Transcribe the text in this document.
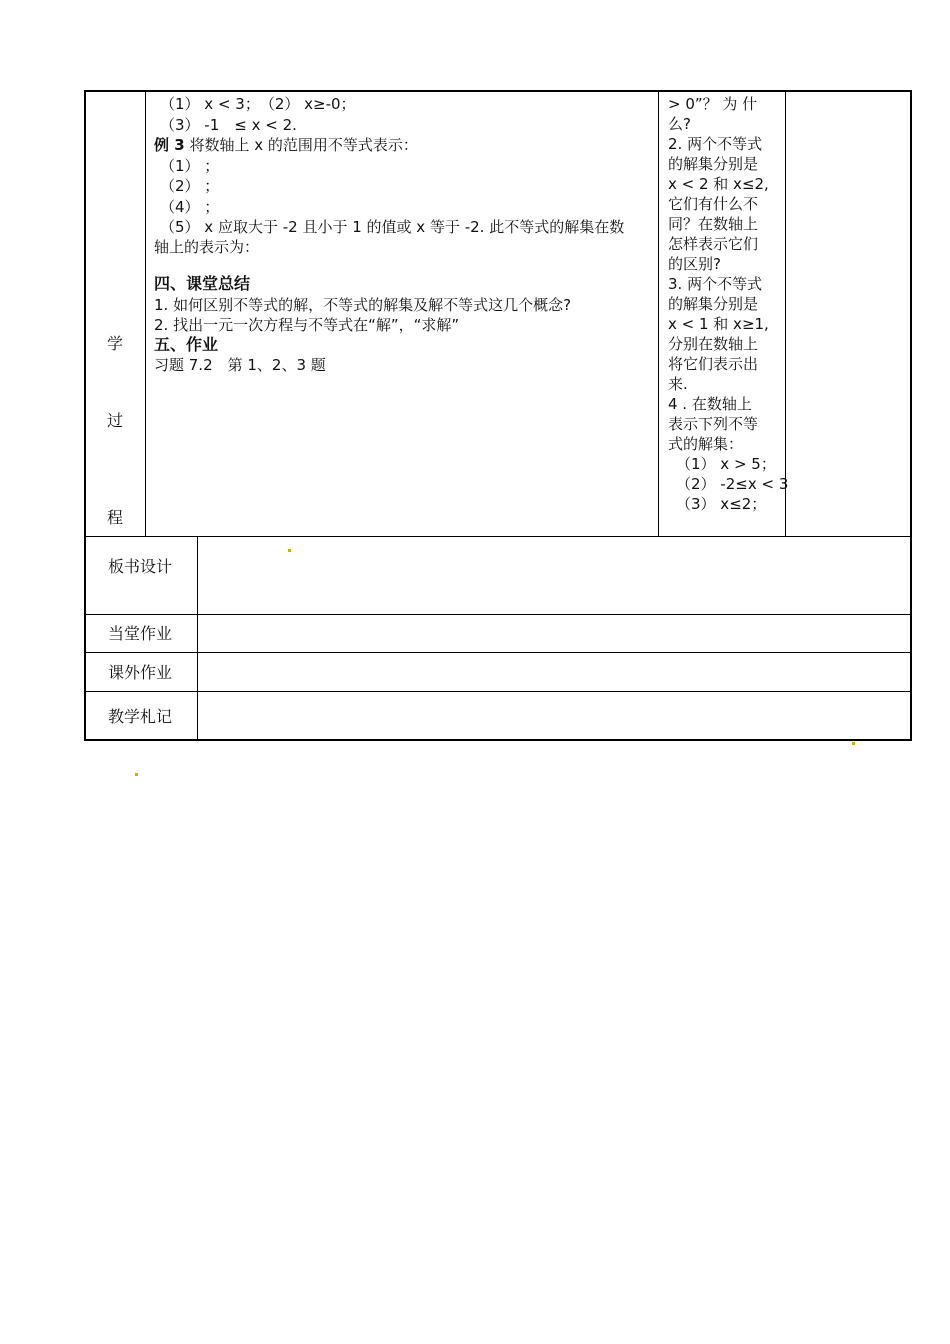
学
过
程
（1） x < 3；　（2） x≥-0；
（3） -1　≤ x < 2.
例 3 将数轴上 x 的范围用不等式表示：
（1） ；
（2） ；
（4） ；
（5） x 应取大于 -2 且小于 1 的值或 x 等于 -2. 此不等式的解集在数
轴上的表示为：
四、课堂总结
1. 如何区别不等式的解，不等式的解集及解不等式这几个概念?
2. 找出一元一次方程与不等式在“解”，“求解”
五、作业
习题 7.2　第 1、2、3 题
> 0”？ 为 什
么?
2. 两个不等式
的解集分别是
x < 2 和 x≤2,
它们有什么不
同？在数轴上
怎样表示它们
的区别?
3. 两个不等式
的解集分别是
x < 1 和 x≥1,
分别在数轴上
将它们表示出
来.
4 . 在数轴上
表示下列不等
式的解集：
（1） x > 5；
（2） -2≤x < 3
（3） x≤2；
板书设计
当堂作业
课外作业
教学札记
